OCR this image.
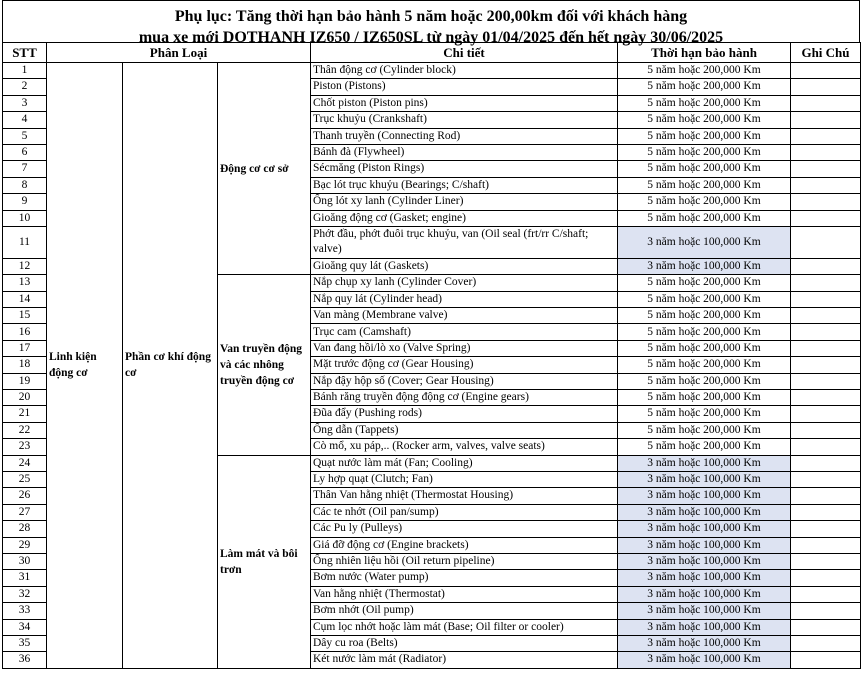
Phụ lục: Tăng thời hạn bảo hành 5 năm hoặc 200,00km đối với khách hàng
mua xe mới DOTHANH IZ650 / IZ650SL từ ngày 01/04/2025 đến hết ngày 30/06/2025
STT	Phân Loại			Chi tiết	Thời hạn bảo hành	Ghi Chú
1	Linh kiện động cơ	Phần cơ khí động cơ	Động cơ cơ sở	Thân động cơ (Cylinder block)	5 năm hoặc 200,000 Km	
2				Piston (Pistons)	5 năm hoặc 200,000 Km	
3				Chốt piston (Piston pins)	5 năm hoặc 200,000 Km	
4				Trục khuỷu (Crankshaft)	5 năm hoặc 200,000 Km	
5				Thanh truyền (Connecting Rod)	5 năm hoặc 200,000 Km	
6				Bánh đà (Flywheel)	5 năm hoặc 200,000 Km	
7				Sécmăng (Piston Rings)	5 năm hoặc 200,000 Km	
8				Bạc lót trục khuỷu (Bearings; C/shaft)	5 năm hoặc 200,000 Km	
9				Ống lót xy lanh (Cylinder Liner)	5 năm hoặc 200,000 Km	
10				Gioăng động cơ (Gasket; engine)	5 năm hoặc 200,000 Km	
11				Phớt đầu, phớt đuôi trục khuỷu, van (Oil seal (frt/rr C/shaft; valve)	3 năm hoặc 100,000 Km	
12				Gioăng quy lát (Gaskets)	3 năm hoặc 100,000 Km	
13			Van truyền động và các nhông truyền động cơ	Nắp chụp xy lanh (Cylinder Cover)	5 năm hoặc 200,000 Km	
14				Nắp quy lát (Cylinder head)	5 năm hoặc 200,000 Km	
15				Van màng (Membrane valve)	5 năm hoặc 200,000 Km	
16				Trục cam (Camshaft)	5 năm hoặc 200,000 Km	
17				Van đang hồi/lò xo (Valve Spring)	5 năm hoặc 200,000 Km	
18				Mặt trước động cơ (Gear Housing)	5 năm hoặc 200,000 Km	
19				Nắp đậy hộp số (Cover; Gear Housing)	5 năm hoặc 200,000 Km	
20				Bánh răng truyền động động cơ (Engine gears)	5 năm hoặc 200,000 Km	
21				Đũa đẩy (Pushing rods)	5 năm hoặc 200,000 Km	
22				Ống dẫn (Tappets)	5 năm hoặc 200,000 Km	
23				Cò mổ, xu páp,.. (Rocker arm, valves, valve seats)	5 năm hoặc 200,000 Km	
24			Làm mát và bôi trơn	Quạt nước làm mát (Fan; Cooling)	3 năm hoặc 100,000 Km	
25				Ly hợp quạt (Clutch; Fan)	3 năm hoặc 100,000 Km	
26				Thân Van hằng nhiệt (Thermostat Housing)	3 năm hoặc 100,000 Km	
27				Các te nhớt (Oil pan/sump)	3 năm hoặc 100,000 Km	
28				Các Pu ly (Pulleys)	3 năm hoặc 100,000 Km	
29				Giá đỡ động cơ (Engine brackets)	3 năm hoặc 100,000 Km	
30				Ống nhiên liệu hồi (Oil return pipeline)	3 năm hoặc 100,000 Km	
31				Bơm nước (Water pump)	3 năm hoặc 100,000 Km	
32				Van hằng nhiệt (Thermostat)	3 năm hoặc 100,000 Km	
33				Bơm nhớt (Oil pump)	3 năm hoặc 100,000 Km	
34				Cụm lọc nhớt hoặc làm mát (Base; Oil filter or cooler)	3 năm hoặc 100,000 Km	
35				Dây cu roa (Belts)	3 năm hoặc 100,000 Km	
36				Két nước làm mát (Radiator)	3 năm hoặc 100,000 Km	
